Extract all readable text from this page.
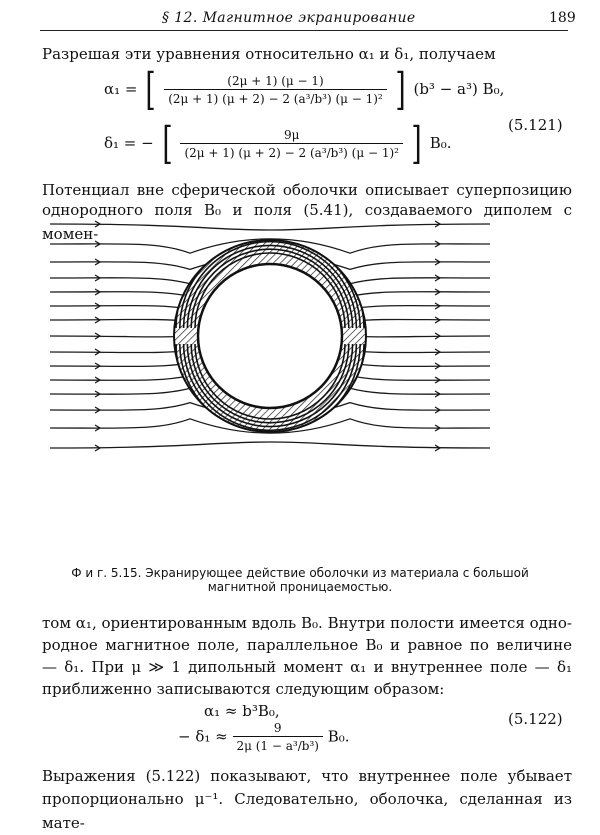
§ 12. Магнитное экранирование	189
Разрешая эти уравнения относительно α₁ и δ₁, получаем
α₁ = [ $\frac{(2\mu + 1) (\mu - 1)}{\text{(2μ + 1) (μ + 2) − 2 (a³/b³) (μ − 1)²}}$ ] (b³ − a³) B₀,
δ₁ = − [ $\frac{9\mu}{\text{(2μ + 1) (μ + 2) − 2 (a³/b³) (μ − 1)²}}$ ] B₀.
(5.121)
Потенциал вне сферической оболочки описывает суперпозицию
однородного поля B₀ и поля (5.41), создаваемого диполем с момен-
Ф и г. 5.15. Экранирующее действие оболочки из материала с большой
магнитной проницаемостью.
том α₁, ориентированным вдоль B₀. Внутри полости имеется одно-
родное магнитное поле, параллельное B₀ и равное по величине
— δ₁. При μ ≫ 1 дипольный момент α₁ и внутреннее поле — δ₁
приближенно записываются следующим образом:
α₁ ≈ b³B₀,
− $\delta_1 \approx \frac{9}{\text{2μ (1 − a³/b³)}} B_0$.
(5.122)
Выражения (5.122) показывают, что внутреннее поле убывает
пропорционально μ⁻¹. Следовательно, оболочка, сделанная из мате-
